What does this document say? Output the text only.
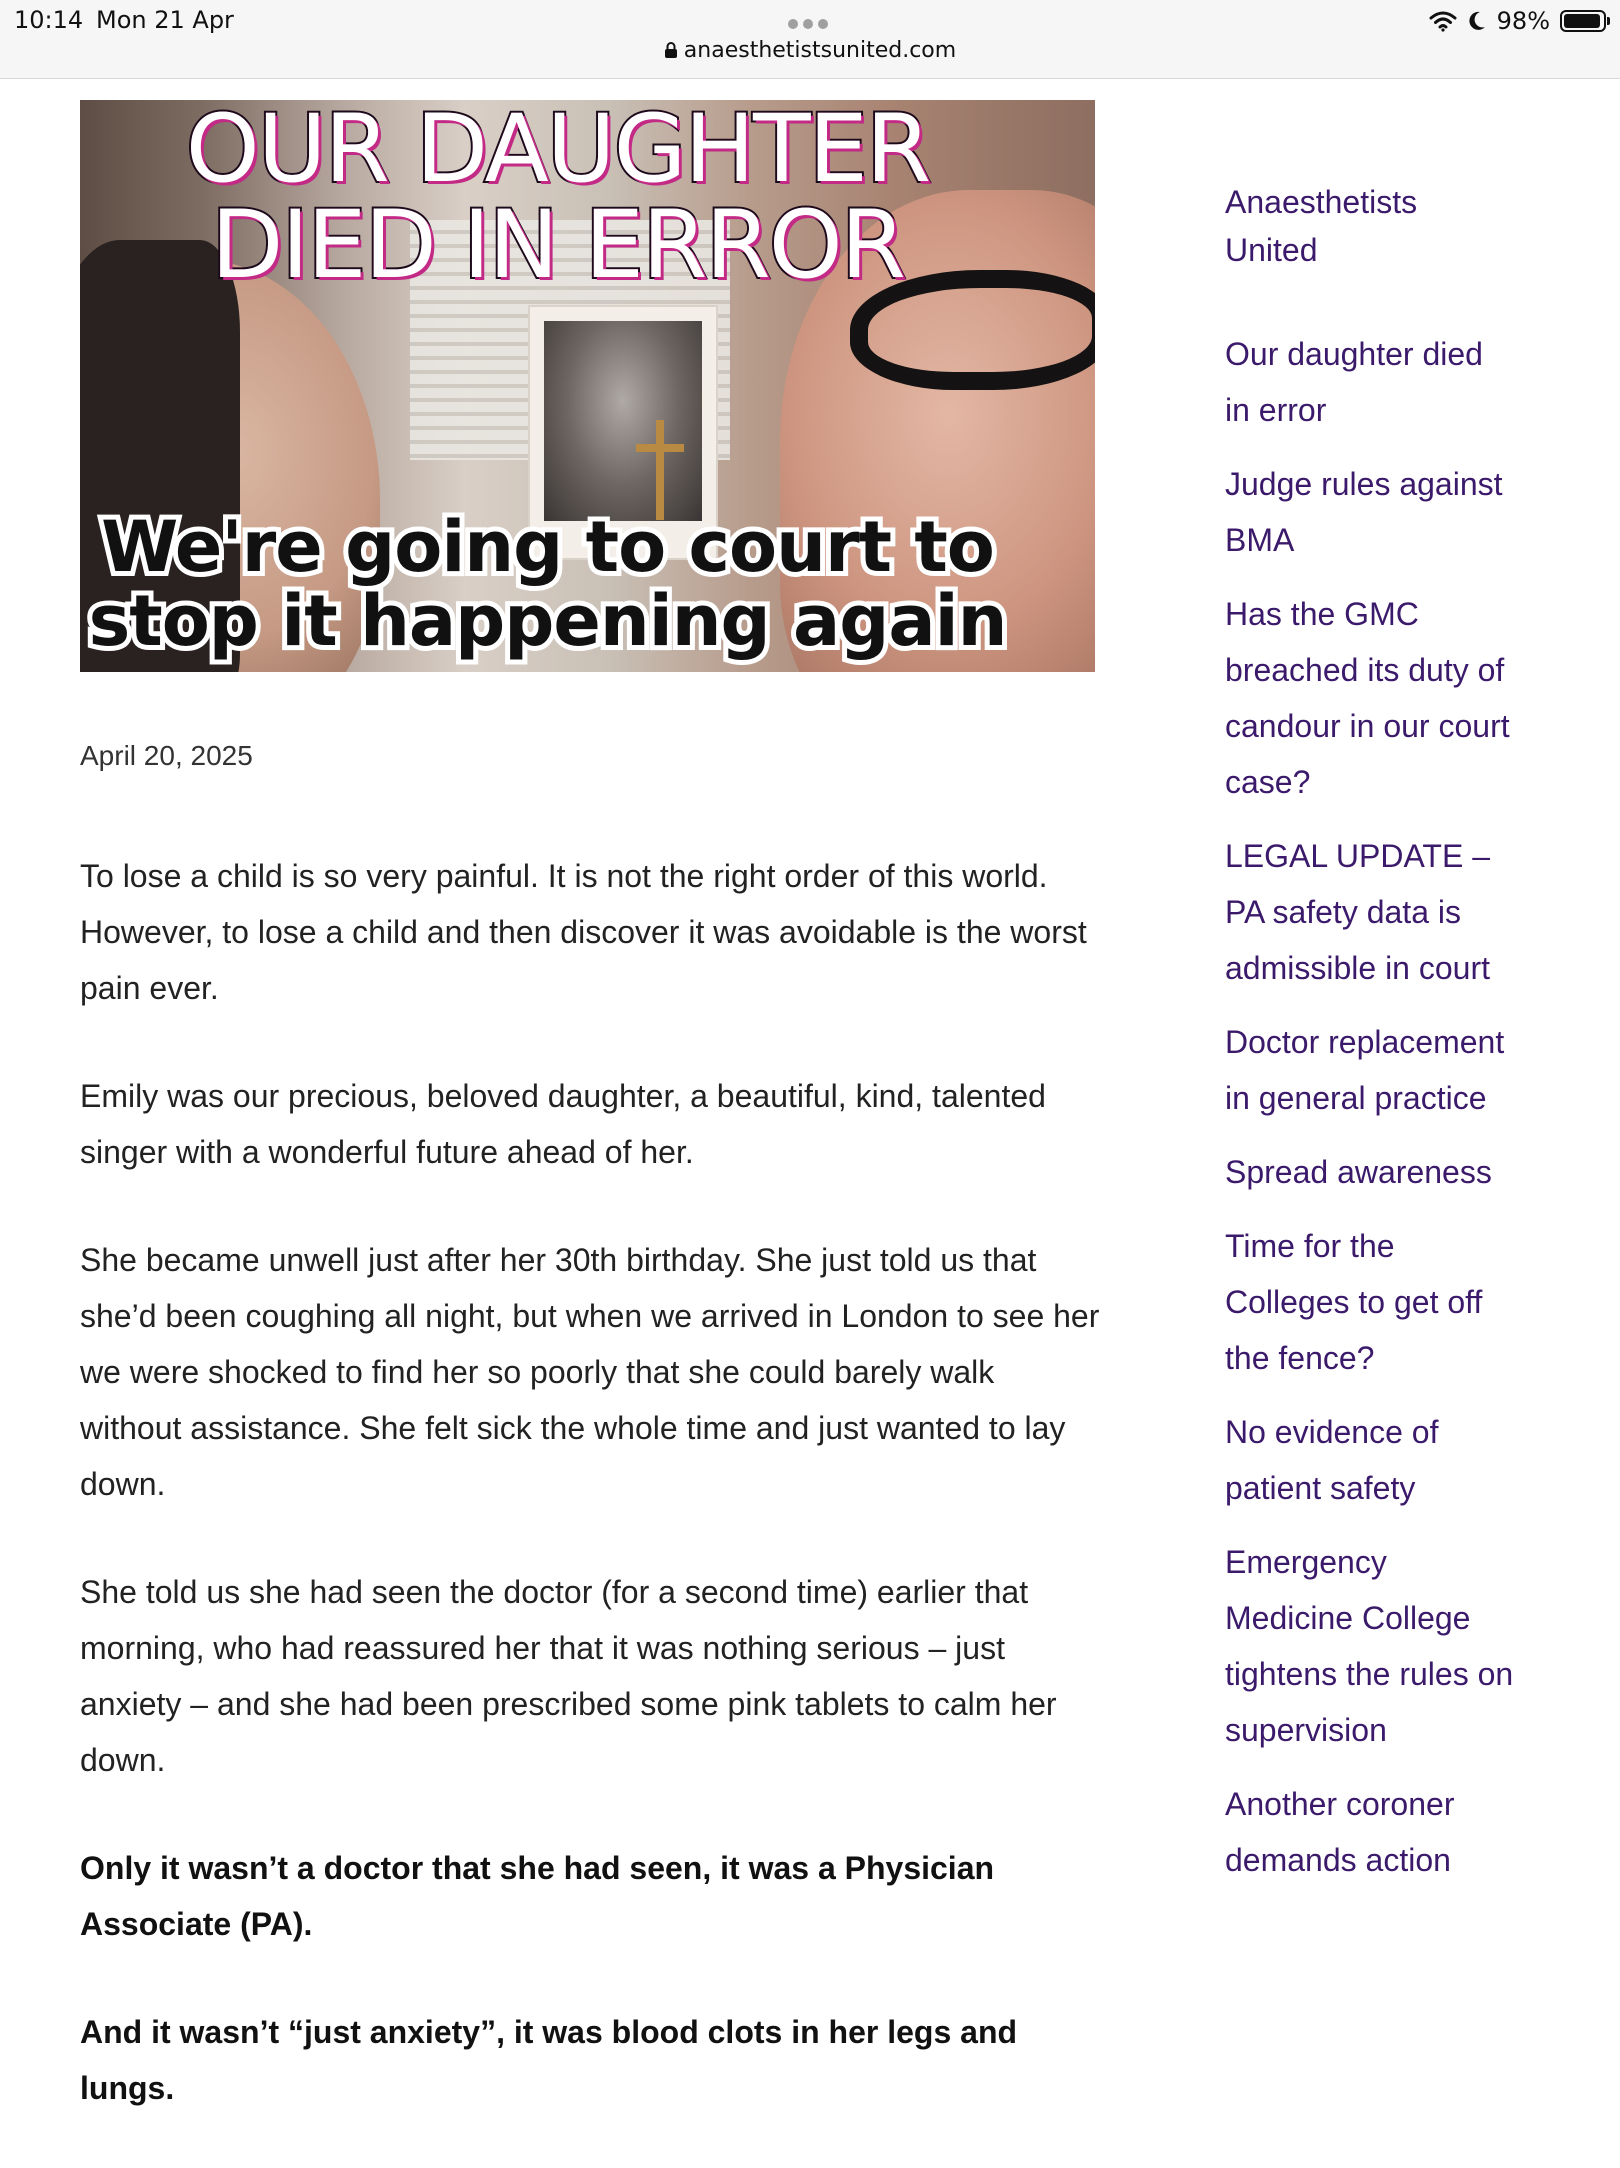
10:14 Mon 21 Apr
anaesthetistsunited.com
98%
OUR DAUGHTER
DIED IN ERROR
We're going to court to
stop it happening again
April 20, 2025

To lose a child is so very painful. It is not the right order of this world. However, to lose a child and then discover it was avoidable is the worst pain ever.

Emily was our precious, beloved daughter, a beautiful, kind, talented singer with a wonderful future ahead of her.

She became unwell just after her 30th birthday. She just told us that she’d been coughing all night, but when we arrived in London to see her we were shocked to find her so poorly that she could barely walk without assistance. She felt sick the whole time and just wanted to lay down.

She told us she had seen the doctor (for a second time) earlier that morning, who had reassured her that it was nothing serious – just anxiety – and she had been prescribed some pink tablets to calm her down.

Only it wasn’t a doctor that she had seen, it was a Physician Associate (PA).

And it wasn’t “just anxiety”, it was blood clots in her legs and lungs.

Anaesthetists United
Our daughter died in error
Judge rules against BMA
Has the GMC breached its duty of candour in our court case?
LEGAL UPDATE – PA safety data is admissible in court
Doctor replacement in general practice
Spread awareness
Time for the Colleges to get off the fence?
No evidence of patient safety
Emergency Medicine College tightens the rules on supervision
Another coroner demands action
